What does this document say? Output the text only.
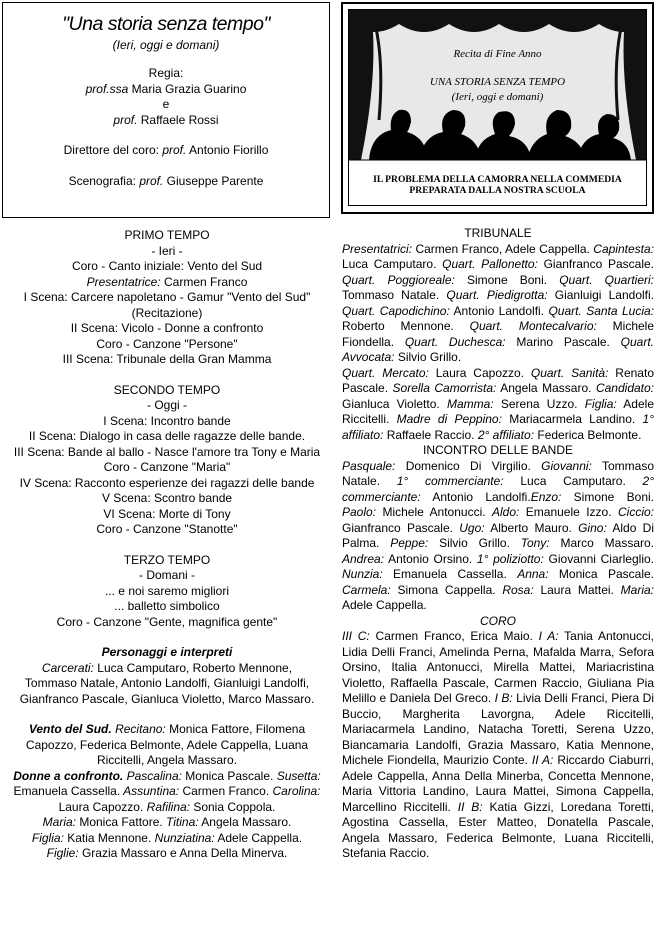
"Una storia senza tempo"
(Ieri, oggi e domani)
Regia:
prof.ssa Maria Grazia Guarino
e
prof. Raffaele Rossi
Direttore del coro: prof. Antonio Fiorillo
Scenografia: prof. Giuseppe Parente
Recita di Fine Anno
UNA STORIA SENZA TEMPO
(Ieri, oggi e domani)
IL PROBLEMA DELLA CAMORRA NELLA COMMEDIA
PREPARATA DALLA NOSTRA SCUOLA
PRIMO TEMPO
- Ieri -
Coro - Canto iniziale: Vento del Sud
Presentatrice: Carmen Franco
I Scena: Carcere napoletano - Gamur "Vento del Sud" (Recitazione)
II Scena: Vicolo - Donne a confronto
Coro - Canzone "Persone"
III Scena: Tribunale della Gran Mamma
SECONDO TEMPO
- Oggi -
I Scena: Incontro bande
II Scena: Dialogo in casa delle ragazze delle bande.
III Scena: Bande al ballo - Nasce l'amore tra Tony e Maria
Coro - Canzone "Maria"
IV Scena: Racconto esperienze dei ragazzi delle bande
V Scena: Scontro bande
VI Scena: Morte di Tony
Coro - Canzone "Stanotte"
TERZO TEMPO
- Domani -
... e noi saremo migliori
... balletto simbolico
Coro - Canzone "Gente, magnifica gente"
Personaggi e interpreti
Carcerati: Luca Camputaro, Roberto Mennone, Tommaso Natale, Antonio Landolfi, Gianluigi Landolfi, Gianfranco Pascale, Gianluca Violetto, Marco Massaro.
Vento del Sud. Recitano: Monica Fattore, Filomena Capozzo, Federica Belmonte, Adele Cappella, Luana Riccitelli, Angela Massaro.
Donne a confronto. Pascalina: Monica Pascale. Susetta: Emanuela Cassella. Assuntina: Carmen Franco. Carolina: Laura Capozzo. Rafilina: Sonia Coppola.
Maria: Monica Fattore. Titina: Angela Massaro.
Figlia: Katia Mennone. Nunziatina: Adele Cappella.
Figlie: Grazia Massaro e Anna Della Minerva.
TRIBUNALE
Presentatrici: Carmen Franco, Adele Cappella. Capintesta: Luca Camputaro. Quart. Pallonetto: Gianfranco Pascale. Quart. Poggioreale: Simone Boni. Quart. Quartieri: Tommaso Natale. Quart. Piedigrotta: Gianluigi Landolfi. Quart. Capodichino: Antonio Landolfi. Quart. Santa Lucia: Roberto Mennone. Quart. Montecalvario: Michele Fiondella. Quart. Duchesca: Marino Pascale. Quart. Avvocata: Silvio Grillo.
Quart. Mercato: Laura Capozzo. Quart. Sanità: Renato Pascale. Sorella Camorrista: Angela Massaro. Candidato: Gianluca Violetto. Mamma: Serena Uzzo. Figlia: Adele Riccitelli. Madre di Peppino: Mariacarmela Landino. 1° affiliato: Raffaele Raccio. 2° affiliato: Federica Belmonte.
INCONTRO DELLE BANDE
Pasquale: Domenico Di Virgilio. Giovanni: Tommaso Natale. 1° commerciante: Luca Camputaro. 2° commerciante: Antonio Landolfi.Enzo: Simone Boni. Paolo: Michele Antonucci. Aldo: Emanuele Izzo. Ciccio: Gianfranco Pascale. Ugo: Alberto Mauro. Gino: Aldo Di Palma. Peppe: Silvio Grillo. Tony: Marco Massaro. Andrea: Antonio Orsino. 1° poliziotto: Giovanni Ciarleglio. Nunzia: Emanuela Cassella. Anna: Monica Pascale. Carmela: Simona Cappella. Rosa: Laura Mattei. Maria: Adele Cappella.
CORO
III C: Carmen Franco, Erica Maio. I A: Tania Antonucci, Lidia Delli Franci, Amelinda Perna, Mafalda Marra, Sefora Orsino, Italia Antonucci, Mirella Mattei, Mariacristina Violetto, Raffaella Pascale, Carmen Raccio, Giuliana Pia Melillo e Daniela Del Greco. I B: Livia Delli Franci, Piera Di Buccio, Margherita Lavorgna, Adele Riccitelli, Mariacarmela Landino, Natacha Toretti, Serena Uzzo, Biancamaria Landolfi, Grazia Massaro, Katia Mennone, Michele Fiondella, Maurizio Conte. II A: Riccardo Ciaburri, Adele Cappella, Anna Della Minerba, Concetta Mennone, Maria Vittoria Landino, Laura Mattei, Simona Cappella, Marcellino Riccitelli. II B: Katia Gizzi, Loredana Toretti, Agostina Cassella, Ester Matteo, Donatella Pascale, Angela Massaro, Federica Belmonte, Luana Riccitelli, Stefania Raccio.
